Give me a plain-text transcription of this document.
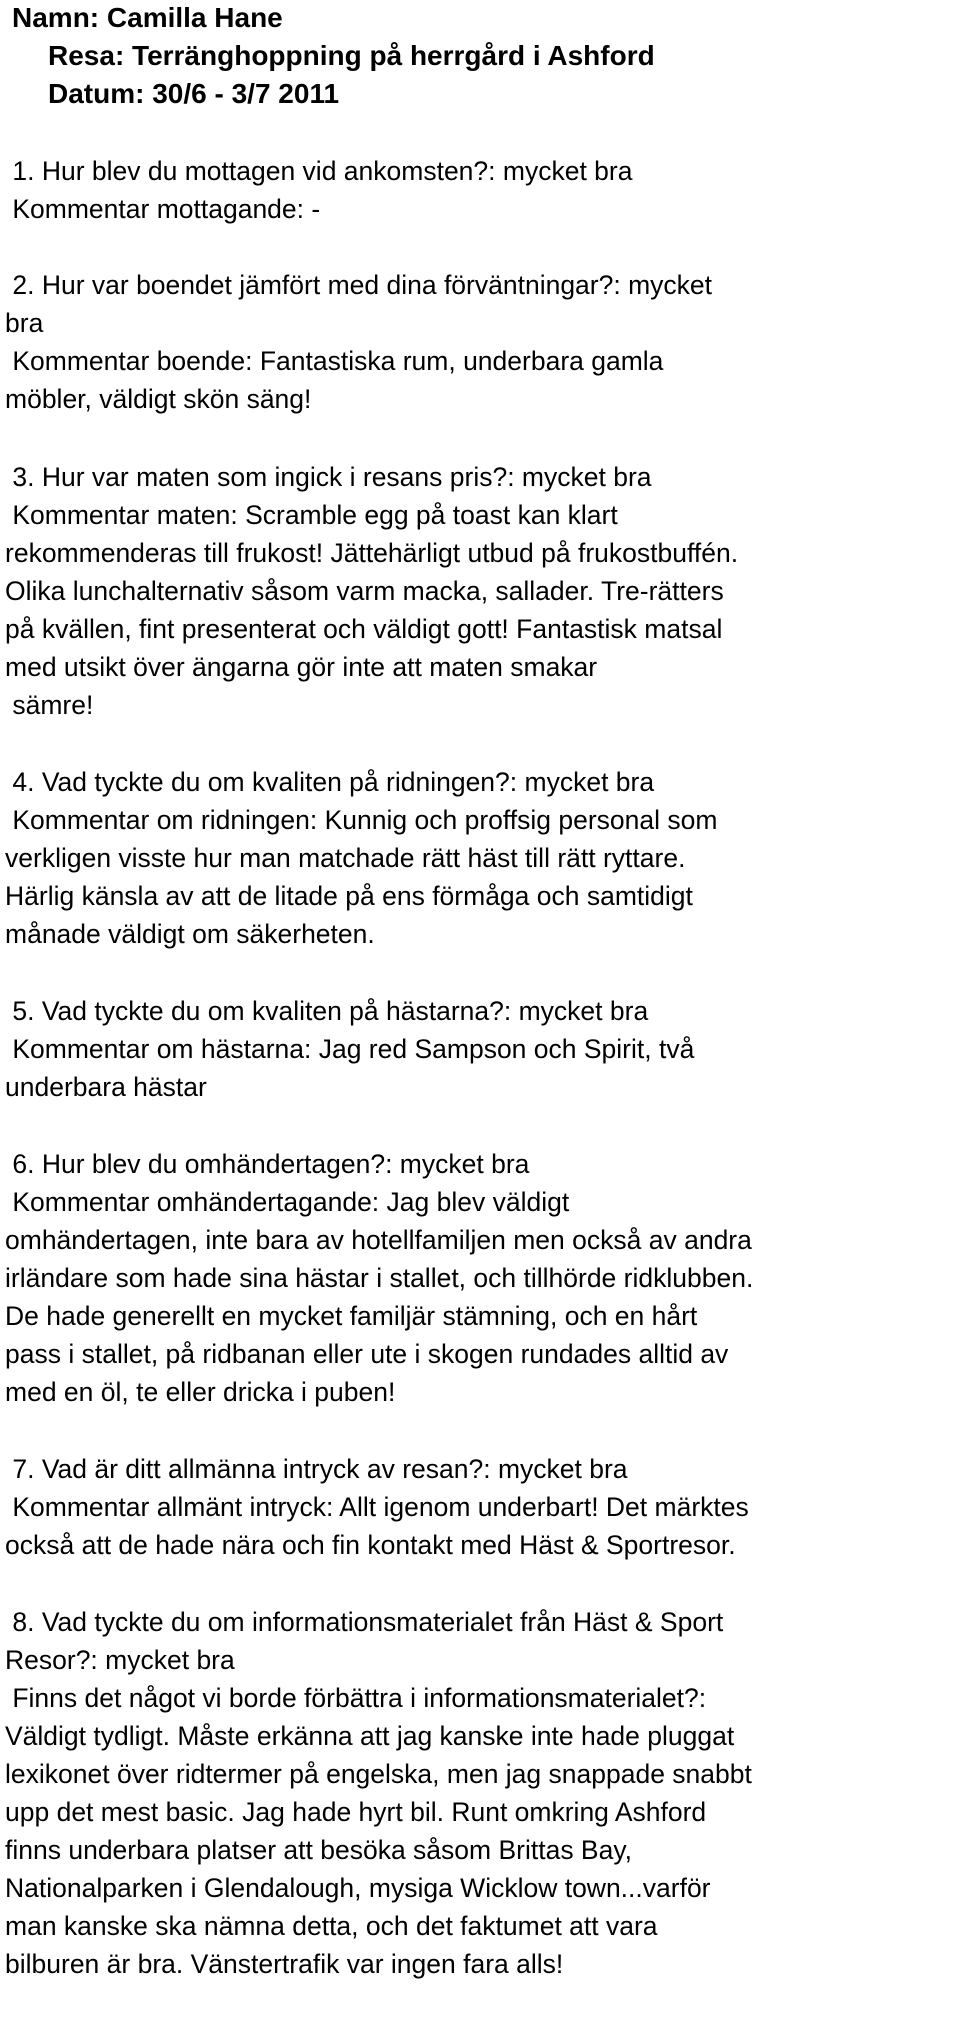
Namn: Camilla Hane
Resa: Terränghoppning på herrgård i Ashford
Datum: 30/6 - 3/7 2011
1. Hur blev du mottagen vid ankomsten?: mycket bra
Kommentar mottagande: -
2. Hur var boendet jämfört med dina förväntningar?: mycket
bra
Kommentar boende: Fantastiska rum, underbara gamla
möbler, väldigt skön säng!
3. Hur var maten som ingick i resans pris?: mycket bra
Kommentar maten: Scramble egg på toast kan klart
rekommenderas till frukost! Jättehärligt utbud på frukostbuffén.
Olika lunchalternativ såsom varm macka, sallader. Tre-rätters
på kvällen, fint presenterat och väldigt gott! Fantastisk matsal
med utsikt över ängarna gör inte att maten smakar
sämre!
4. Vad tyckte du om kvaliten på ridningen?: mycket bra
Kommentar om ridningen: Kunnig och proffsig personal som
verkligen visste hur man matchade rätt häst till rätt ryttare.
Härlig känsla av att de litade på ens förmåga och samtidigt
månade väldigt om säkerheten.
5. Vad tyckte du om kvaliten på hästarna?: mycket bra
Kommentar om hästarna: Jag red Sampson och Spirit, två
underbara hästar
6. Hur blev du omhändertagen?: mycket bra
Kommentar omhändertagande: Jag blev väldigt
omhändertagen, inte bara av hotellfamiljen men också av andra
irländare som hade sina hästar i stallet, och tillhörde ridklubben.
De hade generellt en mycket familjär stämning, och en hårt
pass i stallet, på ridbanan eller ute i skogen rundades alltid av
med en öl, te eller dricka i puben!
7. Vad är ditt allmänna intryck av resan?: mycket bra
Kommentar allmänt intryck: Allt igenom underbart! Det märktes
också att de hade nära och fin kontakt med Häst & Sportresor.
8. Vad tyckte du om informationsmaterialet från Häst & Sport
Resor?: mycket bra
Finns det något vi borde förbättra i informationsmaterialet?:
Väldigt tydligt. Måste erkänna att jag kanske inte hade pluggat
lexikonet över ridtermer på engelska, men jag snappade snabbt
upp det mest basic. Jag hade hyrt bil. Runt omkring Ashford
finns underbara platser att besöka såsom Brittas Bay,
Nationalparken i Glendalough, mysiga Wicklow town...varför
man kanske ska nämna detta, och det faktumet att vara
bilburen är bra. Vänstertrafik var ingen fara alls!
